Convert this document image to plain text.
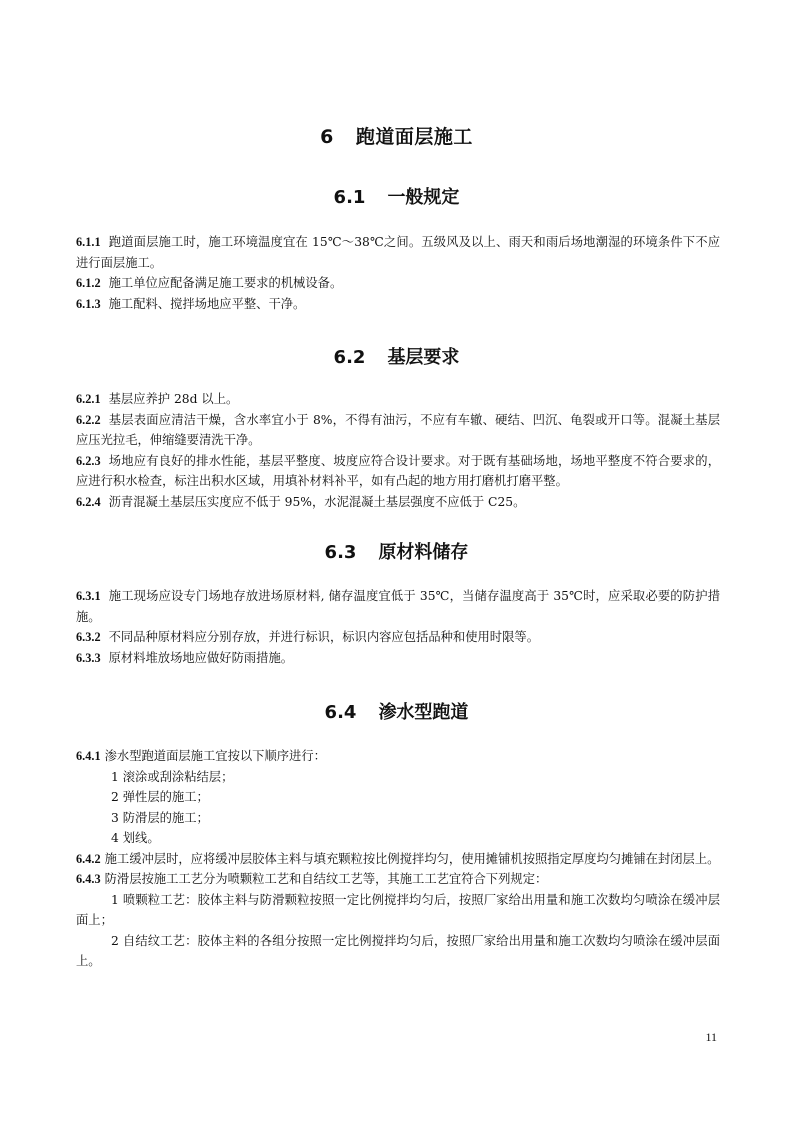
6 跑道面层施工
6.1 一般规定

6.1.1 跑道面层施工时，施工环境温度宜在 15℃～38℃之间。五级风及以上、雨天和雨后场地潮湿的环境条件下不应进行面层施工。

6.1.2 施工单位应配备满足施工要求的机械设备。

6.1.3 施工配料、搅拌场地应平整、干净。

6.2 基层要求

6.2.1 基层应养护 28d 以上。

6.2.2 基层表面应清洁干燥，含水率宜小于 8%，不得有油污，不应有车辙、硬结、凹沉、龟裂或开口等。混凝土基层应压光拉毛，伸缩缝要清洗干净。

6.2.3 场地应有良好的排水性能，基层平整度、坡度应符合设计要求。对于既有基础场地，场地平整度不符合要求的，应进行积水检查，标注出积水区域，用填补材料补平，如有凸起的地方用打磨机打磨平整。

6.2.4 沥青混凝土基层压实度应不低于 95%，水泥混凝土基层强度不应低于 C25。

6.3 原材料储存

6.3.1 施工现场应设专门场地存放进场原材料, 储存温度宜低于 35℃，当储存温度高于 35℃时，应采取必要的防护措施。

6.3.2 不同品种原材料应分别存放，并进行标识，标识内容应包括品种和使用时限等。

6.3.3 原材料堆放场地应做好防雨措施。

6.4 渗水型跑道

6.4.1 渗水型跑道面层施工宜按以下顺序进行：

1 滚涂或刮涂粘结层；

2 弹性层的施工；

3 防滑层的施工；

4 划线。

6.4.2 施工缓冲层时，应将缓冲层胶体主料与填充颗粒按比例搅拌均匀，使用摊铺机按照指定厚度均匀摊铺在封闭层上。

6.4.3 防滑层按施工工艺分为喷颗粒工艺和自结纹工艺等，其施工工艺宜符合下列规定：

1 喷颗粒工艺：胶体主料与防滑颗粒按照一定比例搅拌均匀后，按照厂家给出用量和施工次数均匀喷涂在缓冲层面上；

2 自结纹工艺：胶体主料的各组分按照一定比例搅拌均匀后，按照厂家给出用量和施工次数均匀喷涂在缓冲层面上。

11
